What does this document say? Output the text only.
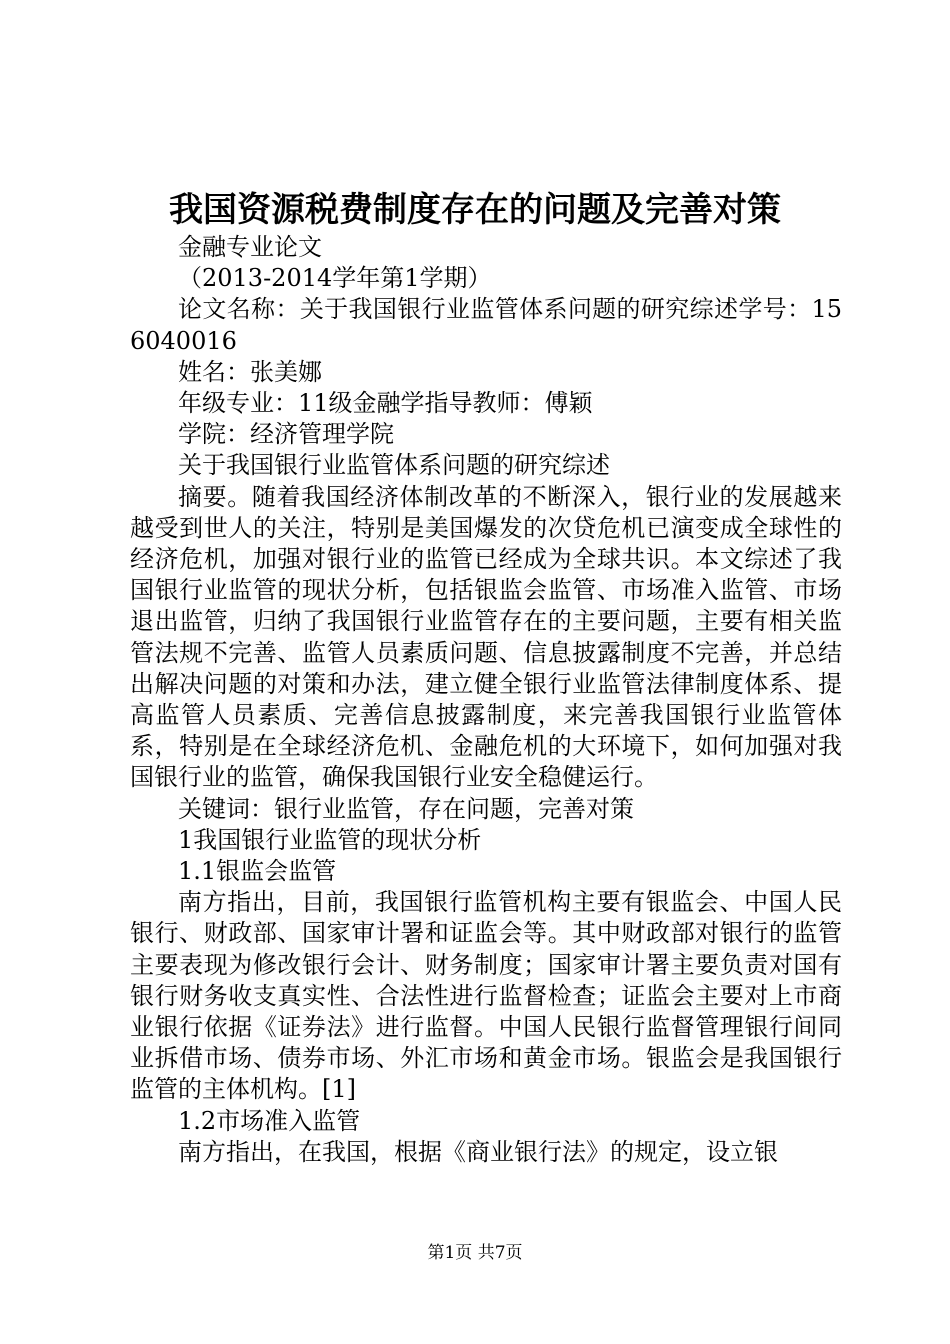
我国资源税费制度存在的问题及完善对策

金融专业论文

（2013-2014学年第1学期）

论文名称：关于我国银行业监管体系问题的研究综述学号：156040016

姓名：张美娜

年级专业：11级金融学指导教师：傅颖

学院：经济管理学院

关于我国银行业监管体系问题的研究综述

摘要。随着我国经济体制改革的不断深入，银行业的发展越来越受到世人的关注，特别是美国爆发的次贷危机已演变成全球性的经济危机，加强对银行业的监管已经成为全球共识。本文综述了我国银行业监管的现状分析，包括银监会监管、市场准入监管、市场退出监管，归纳了我国银行业监管存在的主要问题，主要有相关监管法规不完善、监管人员素质问题、信息披露制度不完善，并总结出解决问题的对策和办法，建立健全银行业监管法律制度体系、提高监管人员素质、完善信息披露制度，来完善我国银行业监管体系，特别是在全球经济危机、金融危机的大环境下，如何加强对我国银行业的监管，确保我国银行业安全稳健运行。

关键词：银行业监管，存在问题，完善对策

1我国银行业监管的现状分析

1.1银监会监管

南方指出，目前，我国银行监管机构主要有银监会、中国人民银行、财政部、国家审计署和证监会等。其中财政部对银行的监管主要表现为修改银行会计、财务制度；国家审计署主要负责对国有银行财务收支真实性、合法性进行监督检查；证监会主要对上市商业银行依据《证券法》进行监督。中国人民银行监督管理银行间同业拆借市场、债券市场、外汇市场和黄金市场。银监会是我国银行监管的主体机构。[1]

1.2市场准入监管

南方指出，在我国，根据《商业银行法》的规定，设立银

第1页 共7页
